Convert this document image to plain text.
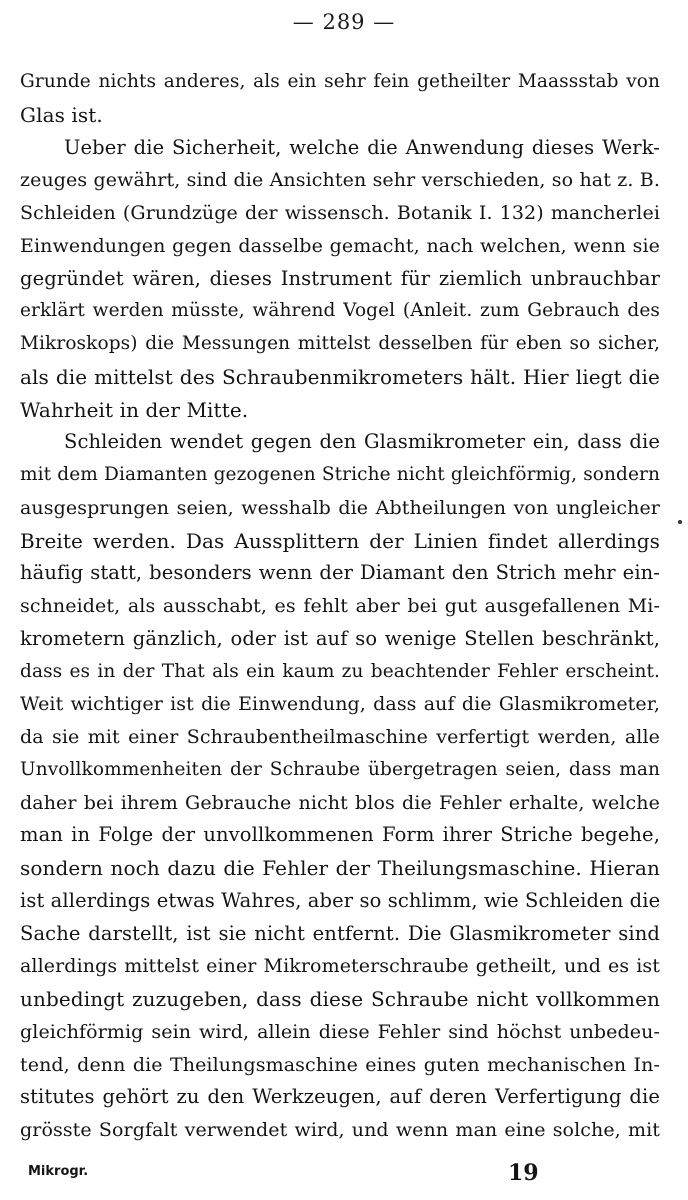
— 289 —
Grunde nichts anderes, als ein sehr fein getheilter Maassstab von
Glas ist.
Ueber die Sicherheit, welche die Anwendung dieses Werk-
zeuges gewährt, sind die Ansichten sehr verschieden, so hat z. B.
Schleiden (Grundzüge der wissensch. Botanik I. 132) mancherlei
Einwendungen gegen dasselbe gemacht, nach welchen, wenn sie
gegründet wären, dieses Instrument für ziemlich unbrauchbar
erklärt werden müsste, während Vogel (Anleit. zum Gebrauch des
Mikroskops) die Messungen mittelst desselben für eben so sicher,
als die mittelst des Schraubenmikrometers hält. Hier liegt die
Wahrheit in der Mitte.
Schleiden wendet gegen den Glasmikrometer ein, dass die
mit dem Diamanten gezogenen Striche nicht gleichförmig, sondern
ausgesprungen seien, wesshalb die Abtheilungen von ungleicher
Breite werden. Das Aussplittern der Linien findet allerdings
häufig statt, besonders wenn der Diamant den Strich mehr ein-
schneidet, als ausschabt, es fehlt aber bei gut ausgefallenen Mi-
krometern gänzlich, oder ist auf so wenige Stellen beschränkt,
dass es in der That als ein kaum zu beachtender Fehler erscheint.
Weit wichtiger ist die Einwendung, dass auf die Glasmikrometer,
da sie mit einer Schraubentheilmaschine verfertigt werden, alle
Unvollkommenheiten der Schraube übergetragen seien, dass man
daher bei ihrem Gebrauche nicht blos die Fehler erhalte, welche
man in Folge der unvollkommenen Form ihrer Striche begehe,
sondern noch dazu die Fehler der Theilungsmaschine. Hieran
ist allerdings etwas Wahres, aber so schlimm, wie Schleiden die
Sache darstellt, ist sie nicht entfernt. Die Glasmikrometer sind
allerdings mittelst einer Mikrometerschraube getheilt, und es ist
unbedingt zuzugeben, dass diese Schraube nicht vollkommen
gleichförmig sein wird, allein diese Fehler sind höchst unbedeu-
tend, denn die Theilungsmaschine eines guten mechanischen In-
stitutes gehört zu den Werkzeugen, auf deren Verfertigung die
grösste Sorgfalt verwendet wird, und wenn man eine solche, mit
Mikrogr.	19
